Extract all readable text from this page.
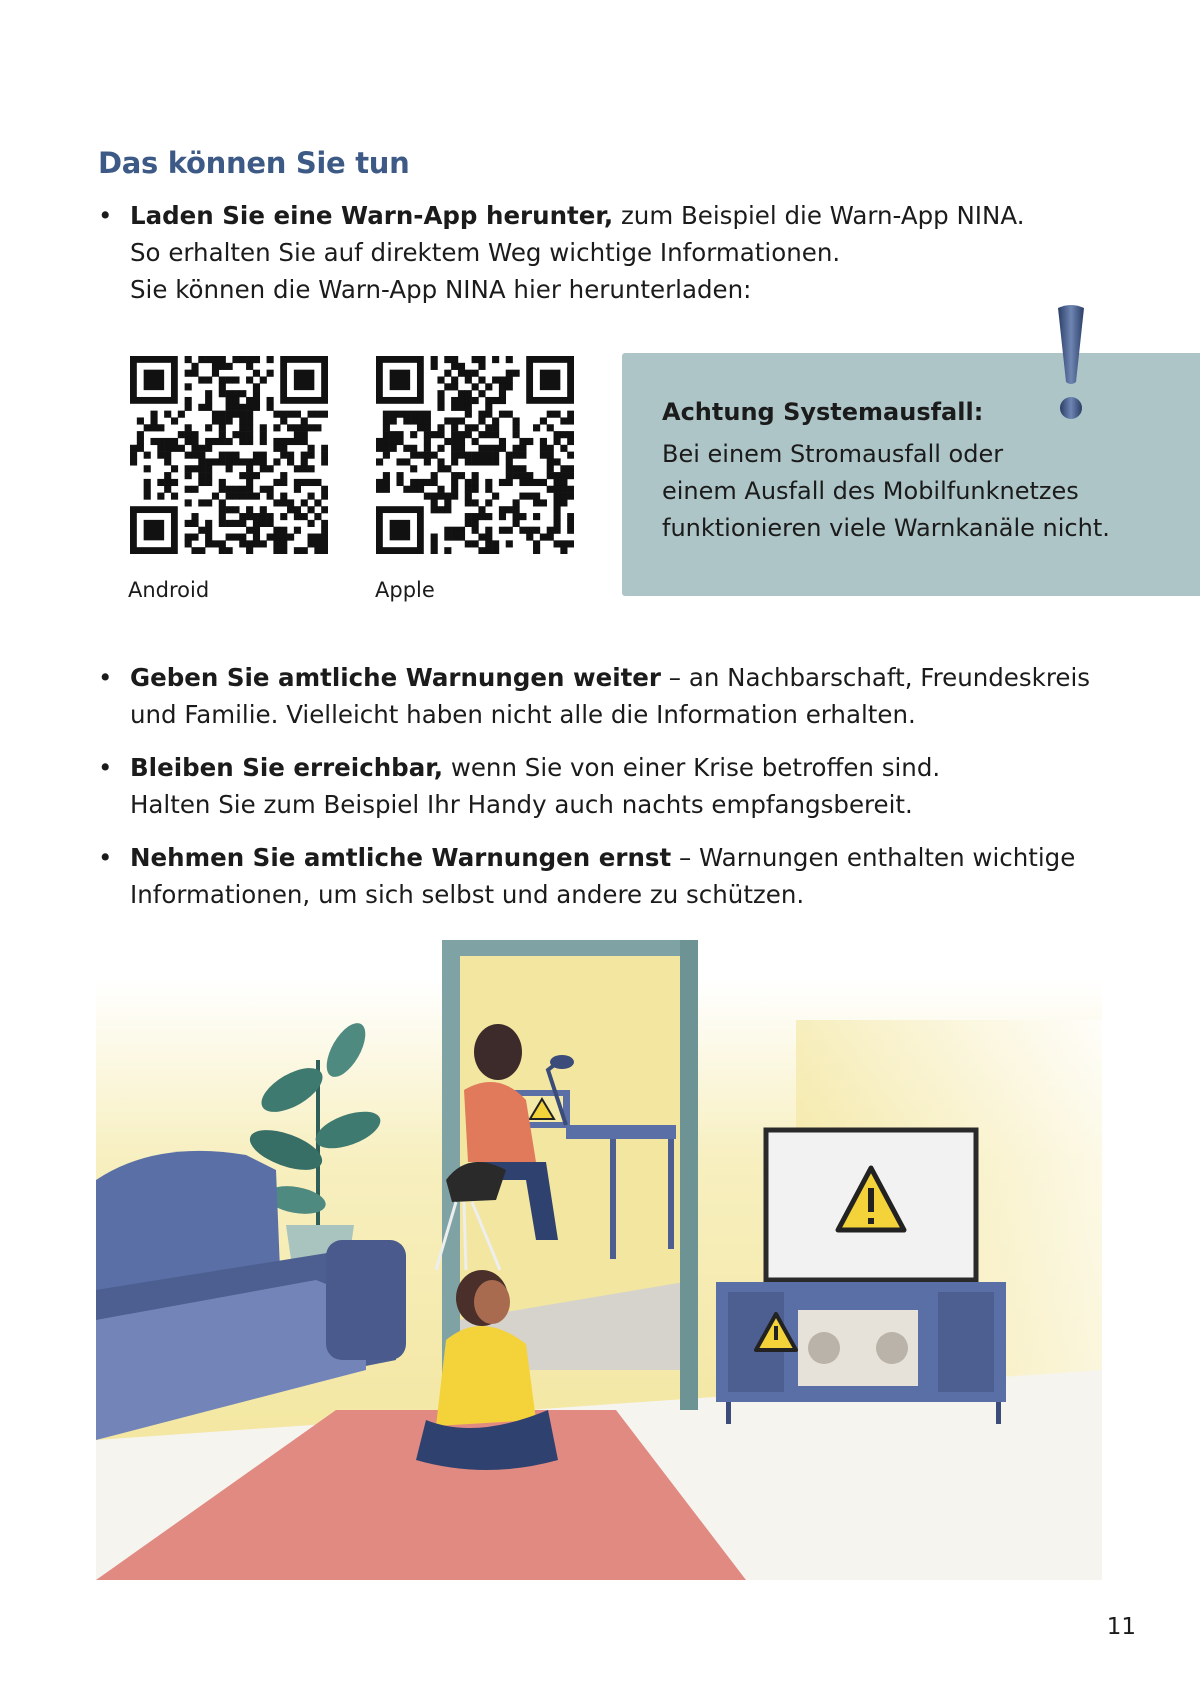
Das können Sie tun
• Laden Sie eine Warn-App herunter, zum Beispiel die Warn-App NINA.
So erhalten Sie auf direktem Weg wichtige Informationen.
Sie können die Warn-App NINA hier herunterladen:
Android	Apple
Achtung Systemausfall:
Bei einem Stromausfall oder
einem Ausfall des Mobilfunknetzes
funktionieren viele Warnkanäle nicht.
• Geben Sie amtliche Warnungen weiter – an Nachbarschaft, Freundeskreis
und Familie. Vielleicht haben nicht alle die Information erhalten.
• Bleiben Sie erreichbar, wenn Sie von einer Krise betroffen sind.
Halten Sie zum Beispiel Ihr Handy auch nachts empfangsbereit.
• Nehmen Sie amtliche Warnungen ernst – Warnungen enthalten wichtige
Informationen, um sich selbst und andere zu schützen.
11
